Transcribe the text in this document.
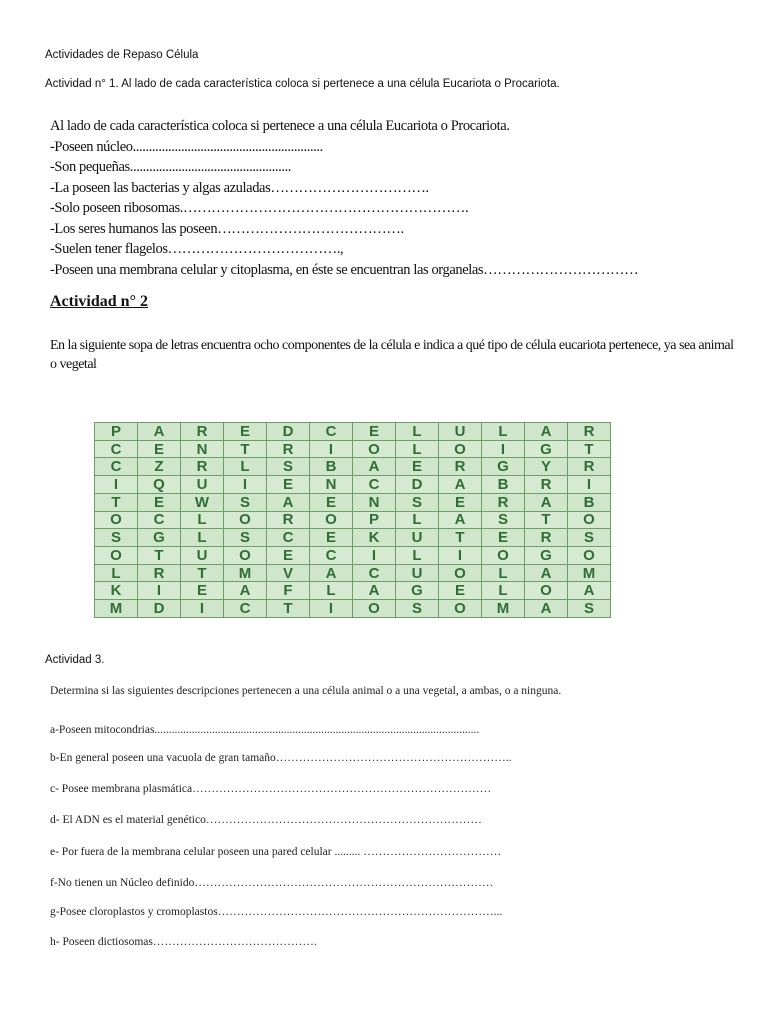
Actividades de Repaso Célula
Actividad n° 1. Al lado de cada característica coloca si pertenece a una célula Eucariota o Procariota.
Al lado de cada característica coloca si pertenece a una célula Eucariota o Procariota.
-Poseen núcleo...........................................................
-Son pequeñas..................................................
-La poseen las bacterias y algas azuladas…………………………….
-Solo poseen ribosomas.…………………………………………………….
-Los seres humanos las poseen………………………………….
-Suelen tener flagelos……………………………….,
-Poseen una membrana celular y citoplasma, en éste se encuentran las organelas……………………………
Actividad n° 2
En la siguiente sopa de letras encuentra ocho componentes de la célula e indica a qué tipo de célula eucariota pertenece, ya sea animal o vegetal
P	A	R	E	D	C	E	L	U	L	A	R
C	E	N	T	R	I	O	L	O	I	G	T
C	Z	R	L	S	B	A	E	R	G	Y	R
I	Q	U	I	E	N	C	D	A	B	R	I
T	E	W	S	A	E	N	S	E	R	A	B
O	C	L	O	R	O	P	L	A	S	T	O
S	G	L	S	C	E	K	U	T	E	R	S
O	T	U	O	E	C	I	L	I	O	G	O
L	R	T	M	V	A	C	U	O	L	A	M
K	I	E	A	F	L	A	G	E	L	O	A
M	D	I	C	T	I	O	S	O	M	A	S
Actividad 3.
Determina si las siguientes descripciones pertenecen a una célula animal o a una vegetal, a ambas, o a ninguna.
a-Poseen mitocondrias.................................................................................................................
b-En general poseen una vacuola de gran tamaño……………………………………………………..
c- Posee membrana plasmática……………………………………………………………………
d- El ADN es el material genético………………………………………………………………
e- Por fuera de la membrana celular poseen una pared celular ......... ………………………………
f-No tienen un Núcleo definido……………………………………………………………………
g-Posee cloroplastos y cromoplastos………………………………………………………………...
h- Poseen dictiosomas…………………………………….
